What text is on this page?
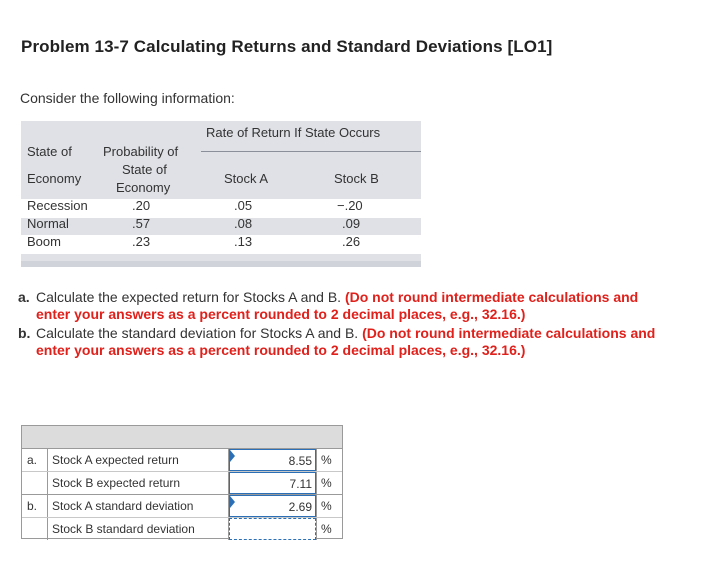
Problem 13-7 Calculating Returns and Standard Deviations [LO1]
Consider the following information:
Rate of Return If State Occurs
State of
Economy
Probability of
State of
Economy
Stock A	Stock B
Recession	.20	.05	−.20
Normal	.57	.08	.09
Boom	.23	.13	.26

a. Calculate the expected return for Stocks A and B. (Do not round intermediate calculations and enter your answers as a percent rounded to 2 decimal places, e.g., 32.16.)

b. Calculate the standard deviation for Stocks A and B. (Do not round intermediate calculations and enter your answers as a percent rounded to 2 decimal places, e.g., 32.16.)

a.	Stock A expected return	8.55 %
Stock B expected return	7.11 %
b.	Stock A standard deviation	2.69 %
Stock B standard deviation	%
